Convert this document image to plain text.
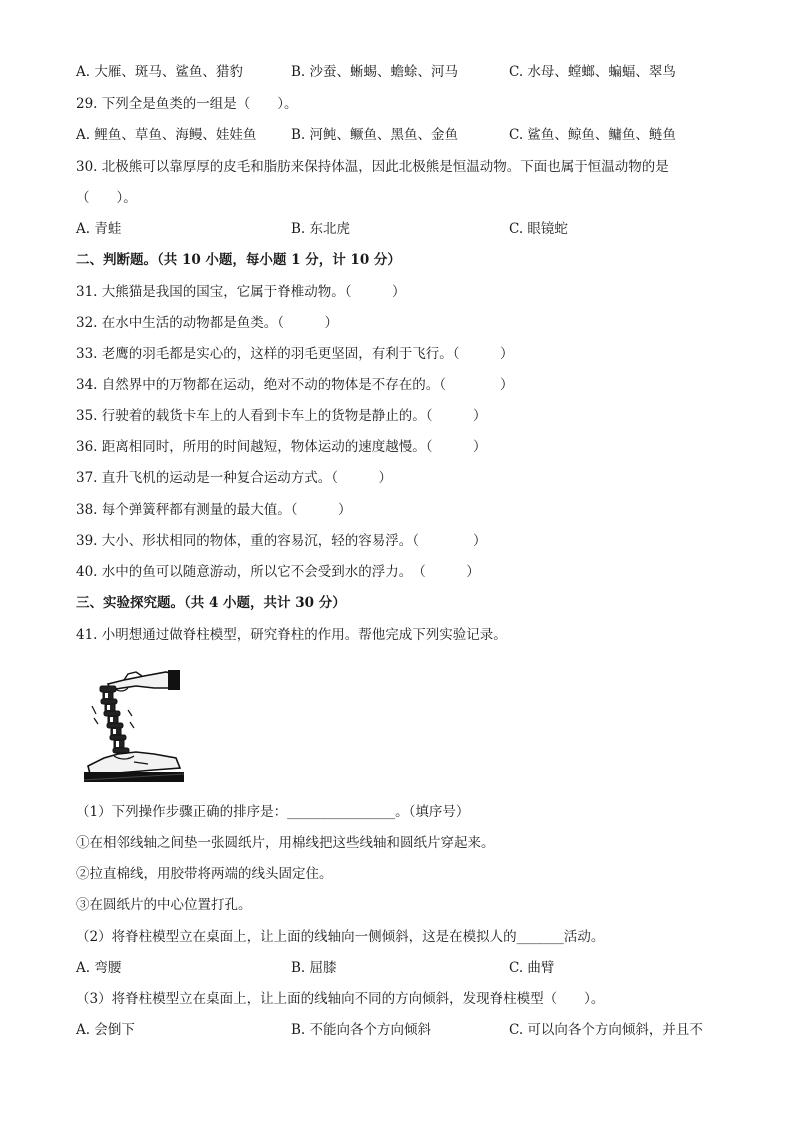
A. 大雁、斑马、鲨鱼、猎豹	B. 沙蚕、蜥蜴、蟾蜍、河马	C. 水母、螳螂、蝙蝠、翠鸟
29. 下列全是鱼类的一组是（　　）。
A. 鲤鱼、草鱼、海鳗、娃娃鱼	B. 河鲀、鳜鱼、黑鱼、金鱼	C. 鲨鱼、鲸鱼、鳙鱼、鲢鱼
30. 北极熊可以靠厚厚的皮毛和脂肪来保持体温，因此北极熊是恒温动物。下面也属于恒温动物的是
（　　）。
A. 青蛙	B. 东北虎	C. 眼镜蛇
二、判断题。（共 10 小题，每小题 1 分，计 10 分）
31. 大熊猫是我国的国宝，它属于脊椎动物。（　　　）
32. 在水中生活的动物都是鱼类。（　　　）
33. 老鹰的羽毛都是实心的，这样的羽毛更坚固，有利于飞行。（　　　）
34. 自然界中的万物都在运动，绝对不动的物体是不存在的。（　　　　）
35. 行驶着的载货卡车上的人看到卡车上的货物是静止的。（　　　）
36. 距离相同时，所用的时间越短，物体运动的速度越慢。（　　　）
37. 直升飞机的运动是一种复合运动方式。（　　　）
38. 每个弹簧秤都有测量的最大值。（　　　）
39. 大小、形状相同的物体，重的容易沉，轻的容易浮。（　　　　）
40. 水中的鱼可以随意游动，所以它不会受到水的浮力。　（　　　）
三、实验探究题。（共 4 小题，共计 30 分）
41. 小明想通过做脊柱模型，研究脊柱的作用。帮他完成下列实验记录。
（1）下列操作步骤正确的排序是：________________。（填序号）
①在相邻线轴之间垫一张圆纸片，用棉线把这些线轴和圆纸片穿起来。
②拉直棉线，用胶带将两端的线头固定住。
③在圆纸片的中心位置打孔。
（2）将脊柱模型立在桌面上，让上面的线轴向一侧倾斜，这是在模拟人的_______活动。
A. 弯腰	B. 屈膝	C. 曲臂
（3）将脊柱模型立在桌面上，让上面的线轴向不同的方向倾斜，发现脊柱模型（　　）。
A. 会倒下	B. 不能向各个方向倾斜	C. 可以向各个方向倾斜，并且不
